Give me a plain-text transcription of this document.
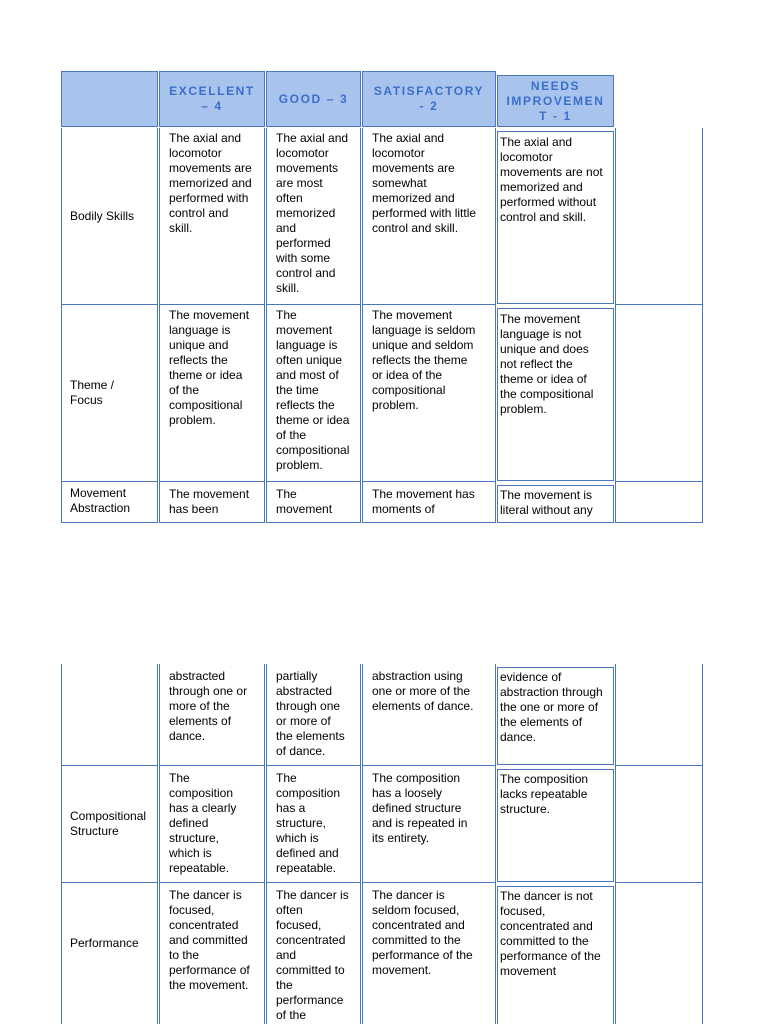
EXCELLENT
– 4
GOOD – 3
SATISFACTORY
- 2
NEEDS
IMPROVEMEN
T - 1
Bodily Skills
The axial and
locomotor
movements are
memorized and
performed with
control and
skill.
The axial and
locomotor
movements
are most
often
memorized
and
performed
with some
control and
skill.
The axial and
locomotor
movements are
somewhat
memorized and
performed with little
control and skill.
The axial and
locomotor
movements are not
memorized and
performed without
control and skill.
Theme /
Focus
The movement
language is
unique and
reflects the
theme or idea
of the
compositional
problem.
The
movement
language is
often unique
and most of
the time
reflects the
theme or idea
of the
compositional
problem.
The movement
language is seldom
unique and seldom
reflects the theme
or idea of the
compositional
problem.
The movement
language is not
unique and does
not reflect the
theme or idea of
the compositional
problem.
Movement
Abstraction
The movement
has been
The
movement
The movement has
moments of
The movement is
literal without any
abstracted
through one or
more of the
elements of
dance.
partially
abstracted
through one
or more of
the elements
of dance.
abstraction using
one or more of the
elements of dance.
evidence of
abstraction through
the one or more of
the elements of
dance.
Compositional
Structure
The
composition
has a clearly
defined
structure,
which is
repeatable.
The
composition
has a
structure,
which is
defined and
repeatable.
The composition
has a loosely
defined structure
and is repeated in
its entirety.
The composition
lacks repeatable
structure.
Performance
The dancer is
focused,
concentrated
and committed
to the
performance of
the movement.
The dancer is
often
focused,
concentrated
and
committed to
the
performance
of the
The dancer is
seldom focused,
concentrated and
committed to the
performance of the
movement.
The dancer is not
focused,
concentrated and
committed to the
performance of the
movement
